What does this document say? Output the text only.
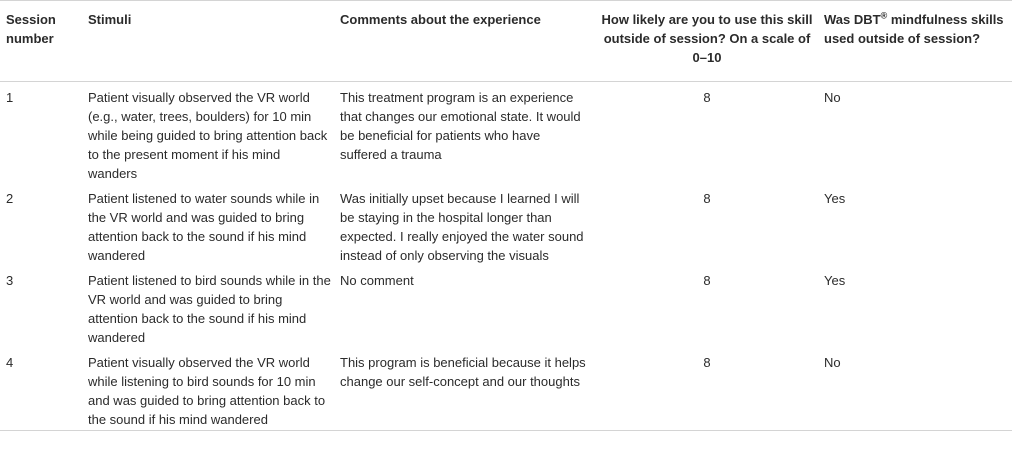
Session number	Stimuli	Comments about the experience	How likely are you to use this skill outside of session? On a scale of 0–10	Was DBT® mindfulness skills used outside of session?
1	Patient visually observed the VR world (e.g., water, trees, boulders) for 10 min while being guided to bring attention back to the present moment if his mind wanders	This treatment program is an experience that changes our emotional state. It would be beneficial for patients who have suffered a trauma	8	No
2	Patient listened to water sounds while in the VR world and was guided to bring attention back to the sound if his mind wandered	Was initially upset because I learned I will be staying in the hospital longer than expected. I really enjoyed the water sound instead of only observing the visuals	8	Yes
3	Patient listened to bird sounds while in the VR world and was guided to bring attention back to the sound if his mind wandered	No comment	8	Yes
4	Patient visually observed the VR world while listening to bird sounds for 10 min and was guided to bring attention back to the sound if his mind wandered	This program is beneficial because it helps change our self-concept and our thoughts	8	No
